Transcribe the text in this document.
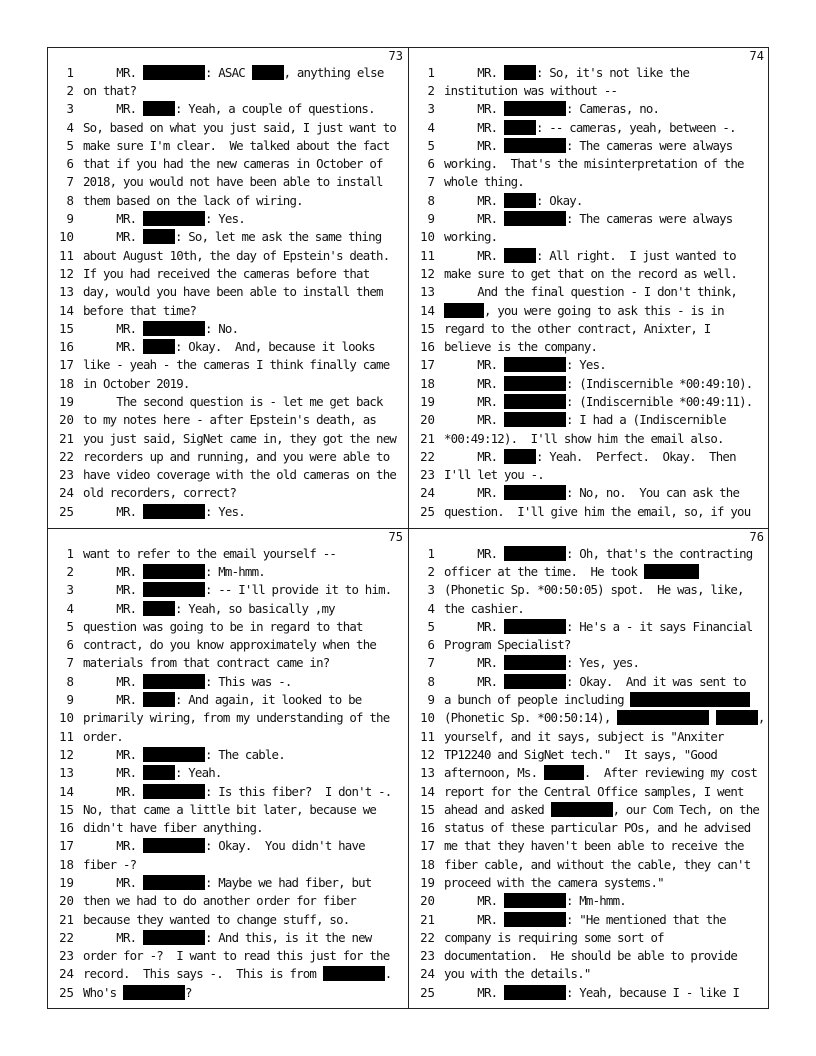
73
1 MR.	: ASAC	, anything else
2 on that?
3 MR.	: Yeah, a couple of questions.
4 So, based on what you just said, I just want to
5 make sure I'm clear.  We talked about the fact
6 that if you had the new cameras in October of
7 2018, you would not have been able to install
8 them based on the lack of wiring.
9 MR.	: Yes.
10 MR.	: So, let me ask the same thing
11 about August 10th, the day of Epstein's death.
12 If you had received the cameras before that
13 day, would you have been able to install them
14 before that time?
15 MR.	: No.
16 MR.	: Okay.  And, because it looks
17 like - yeah - the cameras I think finally came
18 in October 2019.
19 The second question is - let me get back
20 to my notes here - after Epstein's death, as
21 you just said, SigNet came in, they got the new
22 recorders up and running, and you were able to
23 have video coverage with the old cameras on the
24 old recorders, correct?
25 MR.	: Yes.
74
1 MR.	: So, it's not like the
2 institution was without --
3 MR.	: Cameras, no.
4 MR.	: -- cameras, yeah, between -.
5 MR.	: The cameras were always
6 working.  That's the misinterpretation of the
7 whole thing.
8 MR.	: Okay.
9 MR.	: The cameras were always
10 working.
11 MR.	: All right.  I just wanted to
12 make sure to get that on the record as well.
13 And the final question - I don't think,
14	, you were going to ask this - is in
15 regard to the other contract, Anixter, I
16 believe is the company.
17 MR.	: Yes.
18 MR.	: (Indiscernible *00:49:10).
19 MR.	: (Indiscernible *00:49:11).
20 MR.	: I had a (Indiscernible
21 *00:49:12).  I'll show him the email also.
22 MR.	: Yeah.  Perfect.  Okay.  Then
23 I'll let you -.
24 MR.	: No, no.  You can ask the
25 question.  I'll give him the email, so, if you
75
1 want to refer to the email yourself --
2 MR.	: Mm-hmm.
3 MR.	: -- I'll provide it to him.
4 MR.	: Yeah, so basically ,my
5 question was going to be in regard to that
6 contract, do you know approximately when the
7 materials from that contract came in?
8 MR.	: This was -.
9 MR.	: And again, it looked to be
10 primarily wiring, from my understanding of the
11 order.
12 MR.	: The cable.
13 MR.	: Yeah.
14 MR.	: Is this fiber?  I don't -.
15 No, that came a little bit later, because we
16 didn't have fiber anything.
17 MR.	: Okay.  You didn't have
18 fiber -?
19 MR.	: Maybe we had fiber, but
20 then we had to do another order for fiber
21 because they wanted to change stuff, so.
22 MR.	: And this, is it the new
23 order for -?  I want to read this just for the
24 record.  This says -.  This is from	.
25 Who's	?
76
1 MR.	: Oh, that's the contracting
2 officer at the time.  He took
3 (Phonetic Sp. *00:50:05) spot.  He was, like,
4 the cashier.
5 MR.	: He's a - it says Financial
6 Program Specialist?
7 MR.	: Yes, yes.
8 MR.	: Okay.  And it was sent to
9 a bunch of people including
10 (Phonetic Sp. *00:50:14),	,
11 yourself, and it says, subject is "Anxiter
12 TP12240 and SigNet tech."  It says, "Good
13 afternoon, Ms.	.  After reviewing my cost
14 report for the Central Office samples, I went
15 ahead and asked	, our Com Tech, on the
16 status of these particular POs, and he advised
17 me that they haven't been able to receive the
18 fiber cable, and without the cable, they can't
19 proceed with the camera systems."
20 MR.	: Mm-hmm.
21 MR.	: "He mentioned that the
22 company is requiring some sort of
23 documentation.  He should be able to provide
24 you with the details."
25 MR.	: Yeah, because I - like I
